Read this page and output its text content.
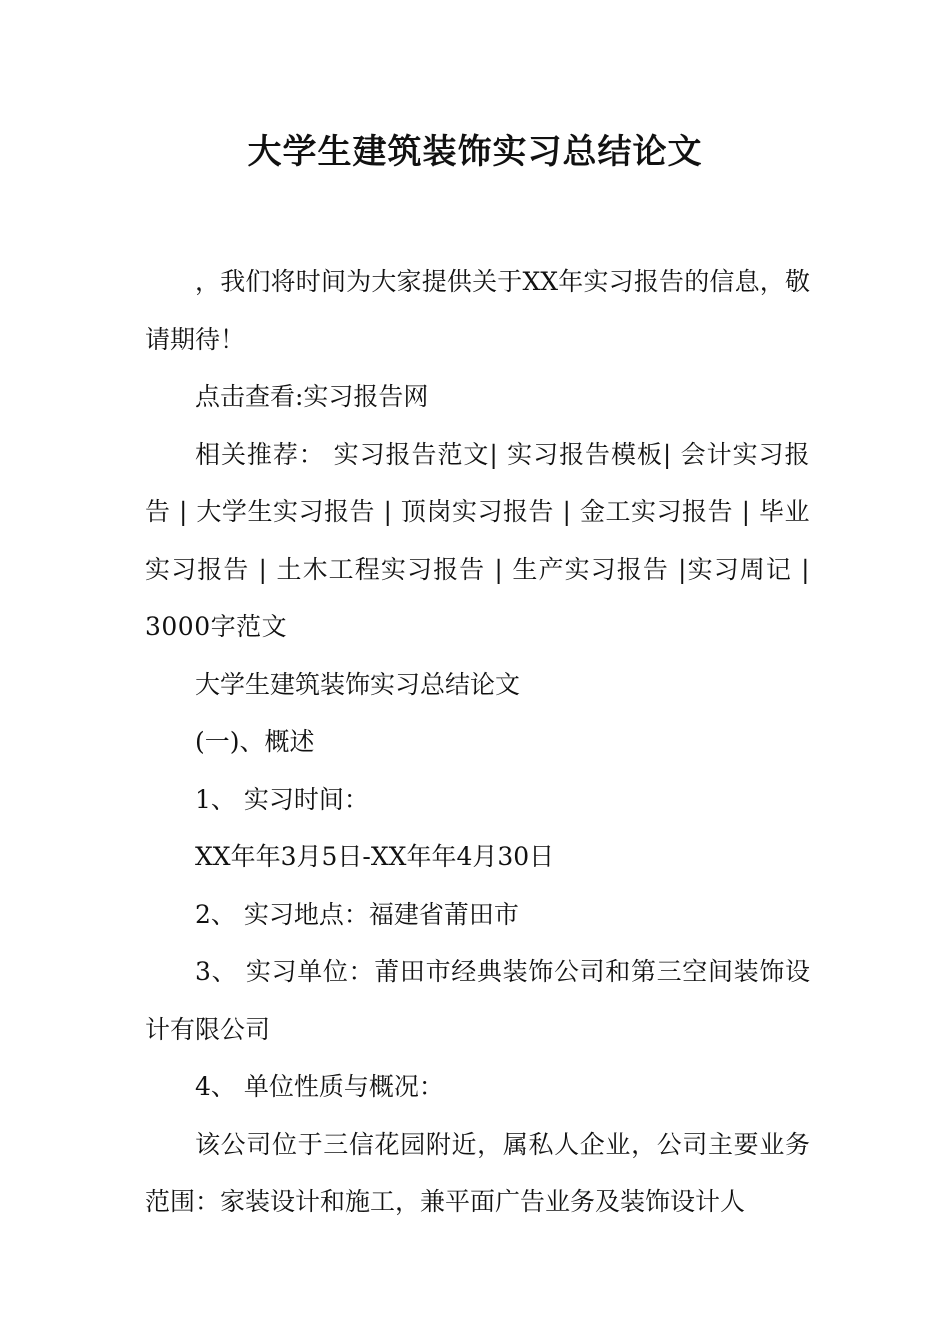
大学生建筑装饰实习总结论文

，我们将时间为大家提供关于XX年实习报告的信息，敬请期待！

点击查看:实习报告网

相关推荐： 实习报告范文| 实习报告模板| 会计实习报告 | 大学生实习报告 | 顶岗实习报告 | 金工实习报告 | 毕业实习报告 | 土木工程实习报告 | 生产实习报告 |实习周记 | 3000字范文

大学生建筑装饰实习总结论文

(一)、概述

1、 实习时间：

XX年年3月5日-XX年年4月30日

2、 实习地点：福建省莆田市

3、 实习单位：莆田市经典装饰公司和第三空间装饰设计有限公司

4、 单位性质与概况：

该公司位于三信花园附近，属私人企业，公司主要业务范围：家装设计和施工，兼平面广告业务及装饰设计人
